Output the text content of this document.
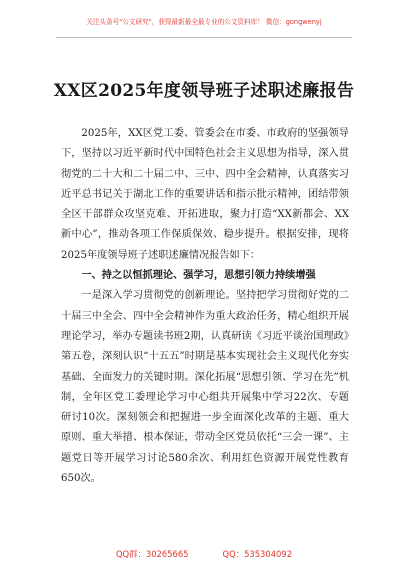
关注头条号"公文研究"，获得最新最全最专业的公文资料库！ 微信：gongwenyj
XX区2025年度领导班子述职述廉报告

2025年，XX区党工委、管委会在市委、市政府的坚强领导下，坚持以习近平新时代中国特色社会主义思想为指导，深入贯彻党的二十大和二十届二中、三中、四中全会精神，认真落实习近平总书记关于湖北工作的重要讲话和指示批示精神，团结带领全区干部群众攻坚克难、开拓进取，聚力打造“XX新都会、XX新中心”，推动各项工作保质保效、稳步提升。根据安排，现将2025年度领导班子述职述廉情况报告如下：

一、持之以恒抓理论、强学习，思想引领力持续增强

一是深入学习贯彻党的创新理论。坚持把学习贯彻好党的二十届三中全会、四中全会精神作为重大政治任务，精心组织开展理论学习，举办专题读书班2期，认真研读《习近平谈治国理政》第五卷，深刻认识“十五五”时期是基本实现社会主义现代化夯实基础、全面发力的关键时期。深化拓展“思想引领、学习在先”机制，全年区党工委理论学习中心组共开展集中学习22次、专题研讨10次。深刻领会和把握进一步全面深化改革的主题、重大原则、重大举措、根本保证，带动全区党员依托“三会一课”、主题党日等开展学习讨论580余次、利用红色资源开展党性教育650次。

QQ群：30265665	QQ：535304092
